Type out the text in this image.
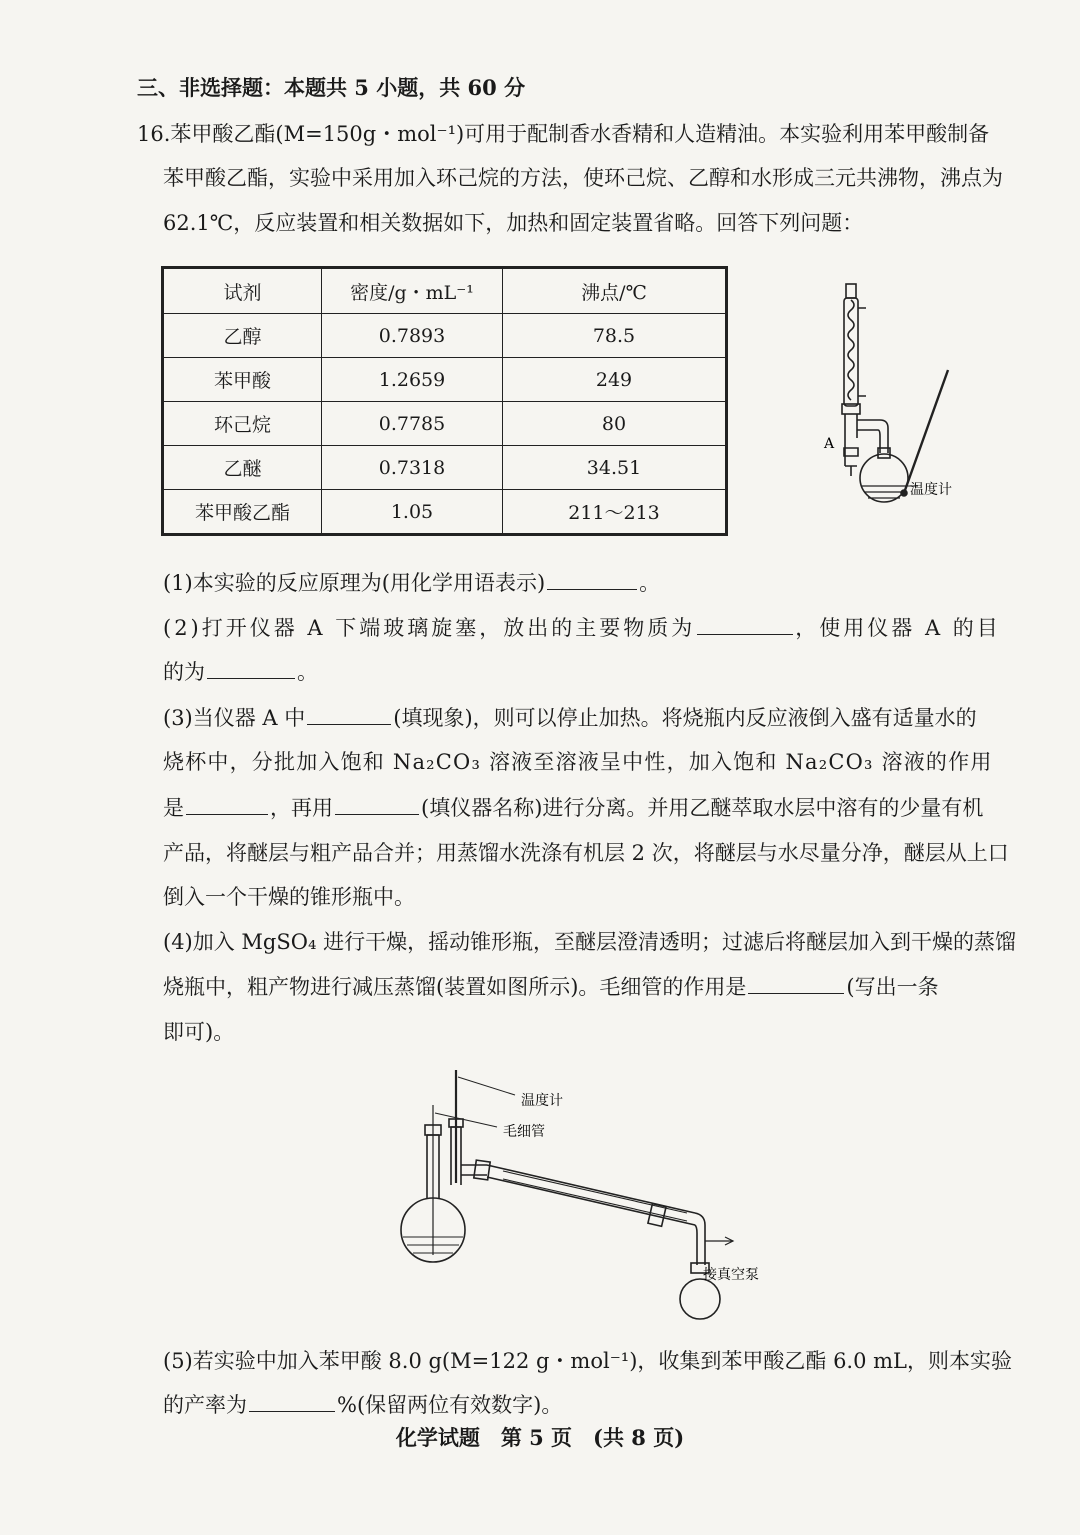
三、非选择题：本题共 5 小题，共 60 分
16.苯甲酸乙酯(M=150g・mol⁻¹)可用于配制香水香精和人造精油。本实验利用苯甲酸制备
苯甲酸乙酯，实验中采用加入环己烷的方法，使环己烷、乙醇和水形成三元共沸物，沸点为
62.1℃，反应装置和相关数据如下，加热和固定装置省略。回答下列问题：
试剂	密度/g・mL⁻¹	沸点/℃
乙醇	0.7893	78.5
苯甲酸	1.2659	249
环己烷	0.7785	80
乙醚	0.7318	34.51
苯甲酸乙酯	1.05	211～213
A
温度计
(1)本实验的反应原理为(用化学用语表示)	。
(2)打开仪器 A 下端玻璃旋塞，放出的主要物质为	，使用仪器 A 的目
的为	。
(3)当仪器 A 中	(填现象)，则可以停止加热。将烧瓶内反应液倒入盛有适量水的
烧杯中，分批加入饱和 Na₂CO₃ 溶液至溶液呈中性，加入饱和 Na₂CO₃ 溶液的作用
是	，再用	(填仪器名称)进行分离。并用乙醚萃取水层中溶有的少量有机
产品，将醚层与粗产品合并；用蒸馏水洗涤有机层 2 次，将醚层与水尽量分净，醚层从上口
倒入一个干燥的锥形瓶中。
(4)加入 MgSO₄ 进行干燥，摇动锥形瓶，至醚层澄清透明；过滤后将醚层加入到干燥的蒸馏
烧瓶中，粗产物进行减压蒸馏(装置如图所示)。毛细管的作用是	(写出一条
即可)。
温度计
毛细管
接真空泵
(5)若实验中加入苯甲酸 8.0 g(M=122 g・mol⁻¹)，收集到苯甲酸乙酯 6.0 mL，则本实验
的产率为	%(保留两位有效数字)。
化学试题　第 5 页　(共 8 页)
